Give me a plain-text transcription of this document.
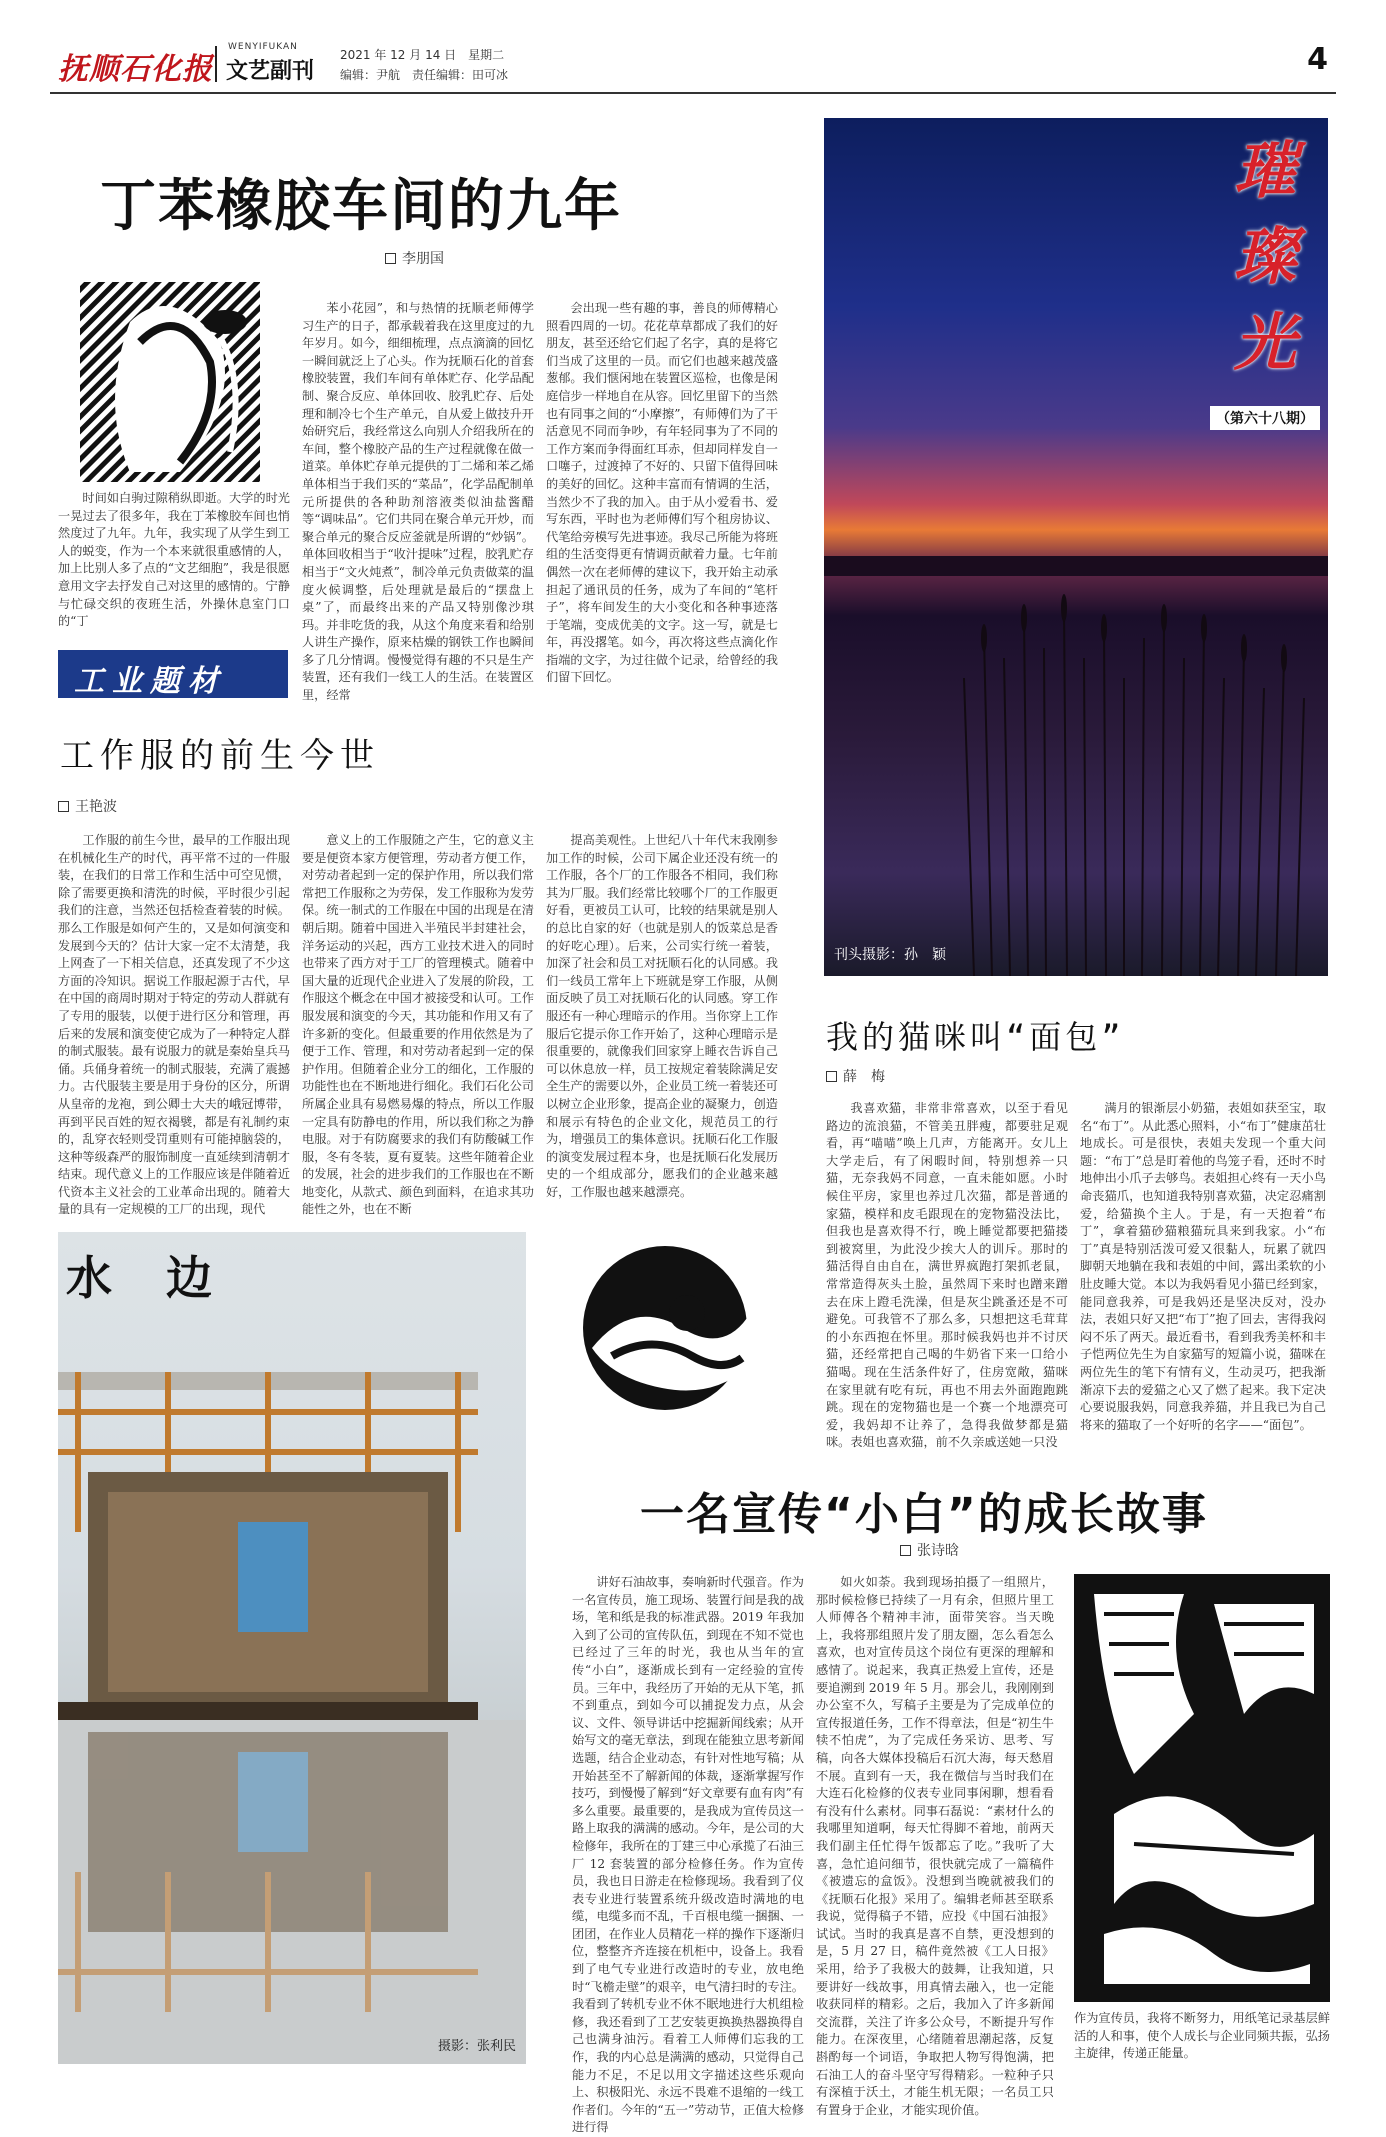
抚顺石化报
WENYIFUKAN
文艺副刊
2021 年 12 月 14 日　星期二
编辑：尹航　责任编辑：田可冰	4
丁苯橡胶车间的九年
李朋国
时间如白驹过隙稍纵即逝。大学的时光一晃过去了很多年，我在丁苯橡胶车间也悄然度过了九年。九年，我实现了从学生到工人的蜕变，作为一个本来就很重感情的人，加上比别人多了点的“文艺细胞”，我是很愿意用文字去抒发自己对这里的感情的。宁静与忙碌交织的夜班生活，外操休息室门口的“丁
苯小花园”，和与热情的抚顺老师傅学习生产的日子，都承载着我在这里度过的九年岁月。如今，细细梳理，点点滴滴的回忆一瞬间就泛上了心头。作为抚顺石化的首套橡胶装置，我们车间有单体贮存、化学品配制、聚合反应、单体回收、胶乳贮存、后处理和制冷七个生产单元，自从爱上做技升开始研究后，我经常这么向别人介绍我所在的车间，整个橡胶产品的生产过程就像在做一道菜。单体贮存单元提供的丁二烯和苯乙烯单体相当于我们买的“菜品”，化学品配制单元所提供的各种助剂溶液类似油盐酱醋等“调味品”。它们共同在聚合单元开炒，而聚合单元的聚合反应釜就是所谓的“炒锅”。单体回收相当于“收汁提味”过程，胶乳贮存相当于“文火炖煮”，制冷单元负责做菜的温度火候调整，后处理就是最后的“摆盘上桌”了，而最终出来的产品又特别像沙琪玛。并非吃货的我，从这个角度来看和给别人讲生产操作，原来枯燥的钢铁工作也瞬间多了几分情调。慢慢觉得有趣的不只是生产装置，还有我们一线工人的生活。在装置区里，经常
会出现一些有趣的事，善良的师傅精心照看四周的一切。花花草草都成了我们的好朋友，甚至还给它们起了名字，真的是将它们当成了这里的一员。而它们也越来越茂盛葱郁。我们惬闲地在装置区巡检，也像是闲庭信步一样地自在从容。回忆里留下的当然也有同事之间的“小摩擦”，有师傅们为了干活意见不同而争吵，有年轻同事为了不同的工作方案而争得面红耳赤，但却同样发自一口噻子，过渡掉了不好的、只留下值得回味的美好的回忆。这种丰富而有情调的生活，当然少不了我的加入。由于从小爱看书、爱写东西，平时也为老师傅们写个租房协议、代笔给旁模写先进事迹。我尽己所能为将班组的生活变得更有情调贡献着力量。七年前偶然一次在老师傅的建议下，我开始主动承担起了通讯员的任务，成为了车间的“笔杆子”，将车间发生的大小变化和各种事迹落于笔端，变成优美的文字。这一写，就是七年，再没撂笔。如今，再次将这些点滴化作指端的文字，为过往做个记录，给曾经的我们留下回忆。
工业题材
工作服的前生今世
王艳波
工作服的前生今世，最早的工作服出现在机械化生产的时代，再平常不过的一件服装，在我们的日常工作和生活中可空见惯，除了需要更换和清洗的时候，平时很少引起我们的注意，当然还包括检查着装的时候。那么工作服是如何产生的，又是如何演变和发展到今天的？估计大家一定不太清楚，我上网查了一下相关信息，还真发现了不少这方面的冷知识。据说工作服起源于古代，早在中国的商周时期对于特定的劳动人群就有了专用的服装，以便于进行区分和管理，再后来的发展和演变使它成为了一种特定人群的制式服装。最有说服力的就是秦始皇兵马俑。兵俑身着统一的制式服装，充满了震撼力。古代服装主要是用于身份的区分，所谓从皇帝的龙袍，到公卿士大夫的峨冠博带，再到平民百姓的短衣褐襞，都是有礼制约束的，乱穿衣轻则受罚重则有可能掉脑袋的，这种等级森严的服饰制度一直延续到清朝才结束。现代意义上的工作服应该是伴随着近代资本主义社会的工业革命出现的。随着大量的具有一定规模的工厂的出现，现代
意义上的工作服随之产生，它的意义主要是便资本家方便管理，劳动者方便工作，对劳动者起到一定的保护作用，所以我们常常把工作服称之为劳保，发工作服称为发劳保。统一制式的工作服在中国的出现是在清朝后期。随着中国进入半殖民半封建社会，洋务运动的兴起，西方工业技术进入的同时也带来了西方对于工厂的管理模式。随着中国大量的近现代企业进入了发展的阶段，工作服这个概念在中国才被接受和认可。工作服发展和演变的今天，其功能和作用又有了许多新的变化。但最重要的作用依然是为了便于工作、管理，和对劳动者起到一定的保护作用。但随着企业分工的细化，工作服的功能性也在不断地进行细化。我们石化公司所属企业具有易燃易爆的特点，所以工作服一定具有防静电的作用，所以我们称之为静电服。对于有防腐要求的我们有防酸碱工作服，冬有冬装，夏有夏装。这些年随着企业的发展，社会的进步我们的工作服也在不断地变化，从款式、颜色到面料，在追求其功能性之外，也在不断
提高美观性。上世纪八十年代末我刚参加工作的时候，公司下属企业还没有统一的工作服，各个厂的工作服各不相同，我们称其为厂服。我们经常比较哪个厂的工作服更好看，更被员工认可，比较的结果就是别人的总比自家的好（也就是别人的饭菜总是香的好吃心理）。后来，公司实行统一着装，加深了社会和员工对抚顺石化的认同感。我们一线员工常年上下班就是穿工作服，从侧面反映了员工对抚顺石化的认同感。穿工作服还有一种心理暗示的作用。当你穿上工作服后它提示你工作开始了，这种心理暗示是很重要的，就像我们回家穿上睡衣告诉自己可以休息放一样，员工按规定着装除满足安全生产的需要以外，企业员工统一着装还可以树立企业形象，提高企业的凝聚力，创造和展示有特色的企业文化，规范员工的行为，增强员工的集体意识。抚顺石化工作服的演变发展过程本身，也是抚顺石化发展历史的一个组成部分，愿我们的企业越来越好，工作服也越来越漂亮。
璀璨光
（第六十八期）
刊头摄影：孙　颖
我的猫咪叫“面包”
薛　梅
我喜欢猫，非常非常喜欢，以至于看见路边的流浪猫，不管美丑胖瘦，都要驻足观看，再“喵喵”唤上几声，方能离开。女儿上大学走后，有了闲暇时间，特别想养一只猫，无奈我妈不同意，一直未能如愿。小时候住平房，家里也养过几次猫，都是普通的家猫，模样和皮毛跟现在的宠物猫没法比，但我也是喜欢得不行，晚上睡觉都要把猫搂到被窝里，为此没少挨大人的训斥。那时的猫活得自由自在，满世界疯跑打架抓老鼠，常常造得灰头土脸，虽然周下来时也蹭来蹭去在床上蹬毛洗澡，但是灰尘跳蚤还是不可避免。可我管不了那么多，只想把这毛茸茸的小东西抱在怀里。那时候我妈也并不讨厌猫，还经常把自己喝的牛奶省下来一口给小猫喝。现在生活条件好了，住房宽敞，猫咪在家里就有吃有玩，再也不用去外面跑跑跳跳。现在的宠物猫也是一个赛一个地漂亮可爱，我妈却不让养了，急得我做梦都是猫咪。表姐也喜欢猫，前不久亲戚送她一只没
满月的银渐层小奶猫，表姐如获至宝，取名“布丁”。从此悉心照料，小“布丁”健康茁壮地成长。可是很快，表姐夫发现一个重大问题：“布丁”总是盯着他的鸟笼子看，还时不时地伸出小爪子去够鸟。表姐担心终有一天小鸟命丧猫爪，也知道我特别喜欢猫，决定忍痛割爱，给猫换个主人。于是，有一天抱着“布丁”，拿着猫砂猫粮猫玩具来到我家。小“布丁”真是特别活泼可爱又很黏人，玩累了就四脚朝天地躺在我和表姐的中间，露出柔软的小肚皮睡大觉。本以为我妈看见小猫已经到家，能同意我养，可是我妈还是坚决反对，没办法，表姐只好又把“布丁”抱了回去，害得我闷闷不乐了两天。最近看书，看到我秀美杯和丰子恺两位先生为自家猫写的短篇小说，猫咪在两位先生的笔下有情有义，生动灵巧，把我渐渐凉下去的爱猫之心又了燃了起来。我下定决心要说服我妈，同意我养猫，并且我已为自己将来的猫取了一个好听的名字——“面包”。
水　边
摄影：张利民
一名宣传“小白”的成长故事
张诗晗
讲好石油故事，奏响新时代强音。作为一名宣传员，施工现场、装置行间是我的战场，笔和纸是我的标准武器。2019 年我加入到了公司的宣传队伍，到现在不知不觉也已经过了三年的时光，我也从当年的宣传“小白”，逐渐成长到有一定经验的宣传员。三年中，我经历了开始的无从下笔，抓不到重点，到如今可以捕捉发力点，从会议、文件、领导讲话中挖掘新闻线索；从开始写文的毫无章法，到现在能独立思考新闻选题，结合企业动态，有针对性地写稿；从开始甚至不了解新闻的体裁，逐渐掌握写作技巧，到慢慢了解到“好文章要有血有肉”有多么重要。最重要的，是我成为宣传员这一路上取我的满满的感动。今年，是公司的大检修年，我所在的丁建三中心承揽了石油三厂 12 套装置的部分检修任务。作为宣传员，我也日日游走在检修现场。我看到了仪表专业进行装置系统升级改造时满地的电缆，电缆多而不乱，千百根电缆一捆捆、一团团，在作业人员精花一样的操作下逐渐归位，整整齐齐连接在机柜中，设备上。我看到了电气专业进行改造时的专业，放电绝时“飞檐走壁”的艰辛，电气清扫时的专注。我看到了转机专业不休不眠地进行大机组检修，我还看到了工艺安装更换换热器换得自己也满身油污。看着工人师傅们忘我的工作，我的内心总是满满的感动，只觉得自己能力不足，不足以用文字描述这些乐观向上、积极阳光、永远不畏难不退缩的一线工作者们。今年的“五一”劳动节，正值大检修进行得
如火如荼。我到现场拍摄了一组照片，那时候检修已持续了一月有余，但照片里工人师傅各个精神丰沛，面带笑容。当天晚上，我将那组照片发了朋友圈，怎么看怎么喜欢，也对宣传员这个岗位有更深的理解和感情了。说起来，我真正热爱上宣传，还是要追溯到 2019 年 5 月。那会儿，我刚刚到办公室不久，写稿子主要是为了完成单位的宣传报道任务，工作不得章法，但是“初生牛犊不怕虎”，为了完成任务采访、思考、写稿，向各大媒体投稿后石沉大海，每天愁眉不展。直到有一天，我在微信与当时我们在大连石化检修的仪表专业同事闲聊，想看看有没有什么素材。同事石磊说：“素材什么的我哪里知道啊，每天忙得脚不着地，前两天我们副主任忙得午饭都忘了吃。”我听了大喜，急忙追问细节，很快就完成了一篇稿件《被遗忘的盒饭》。没想到当晚就被我们的《抚顺石化报》采用了。编辑老师甚至联系我说，觉得稿子不错，应投《中国石油报》试试。当时的我真是喜不自禁，更没想到的是，5 月 27 日，稿件竟然被《工人日报》采用，给予了我极大的鼓舞，让我知道，只要讲好一线故事，用真情去融入，也一定能收获同样的精彩。之后，我加入了许多新闻交流群，关注了许多公众号，不断提升写作能力。在深夜里，心绪随着思潮起落，反复斟酌每一个词语，争取把人物写得饱满，把石油工人的奋斗坚守写得精彩。一粒种子只有深植于沃土，才能生机无限；一名员工只有置身于企业，才能实现价值。
作为宣传员，我将不断努力，用纸笔记录基层鲜活的人和事，使个人成长与企业同频共振，弘扬主旋律，传递正能量。
